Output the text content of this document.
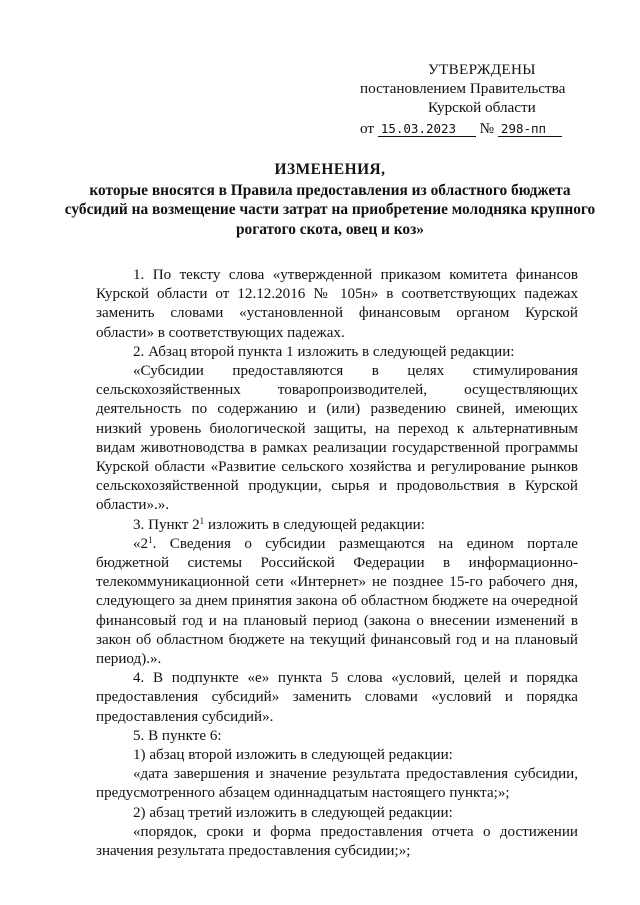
УТВЕРЖДЕНЫ
постановлением Правительства
Курской области
от 15.03.2023 № 298-пп
ИЗМЕНЕНИЯ,
которые вносятся в Правила предоставления из областного бюджета субсидий на возмещение части затрат на приобретение молодняка крупного рогатого скота, овец и коз»

1. По тексту слова «утвержденной приказом комитета финансов Курской области от 12.12.2016 № 105н» в соответствующих падежах заменить словами «установленной финансовым органом Курской области» в соответствующих падежах.

2. Абзац второй пункта 1 изложить в следующей редакции:

«Субсидии предоставляются в целях стимулирования сельскохозяйственных товаропроизводителей, осуществляющих деятельность по содержанию и (или) разведению свиней, имеющих низкий уровень биологической защиты, на переход к альтернативным видам животноводства в рамках реализации государственной программы Курской области «Развитие сельского хозяйства и регулирование рынков сельскохозяйственной продукции, сырья и продовольствия в Курской области».».

3. Пункт $2^1$ изложить в следующей редакции:

«$2^1$. Сведения о субсидии размещаются на едином портале бюджетной системы Российской Федерации в информационно-телекоммуникационной сети «Интернет» не позднее 15-го рабочего дня, следующего за днем принятия закона об областном бюджете на очередной финансовый год и на плановый период (закона о внесении изменений в закон об областном бюджете на текущий финансовый год и на плановый период).».

4. В подпункте «е» пункта 5 слова «условий, целей и порядка предоставления субсидий» заменить словами «условий и порядка предоставления субсидий».

5. В пункте 6:

1) абзац второй изложить в следующей редакции:

«дата завершения и значение результата предоставления субсидии, предусмотренного абзацем одиннадцатым настоящего пункта;»;

2) абзац третий изложить в следующей редакции:

«порядок, сроки и форма предоставления отчета о достижении значения результата предоставления субсидии;»;
